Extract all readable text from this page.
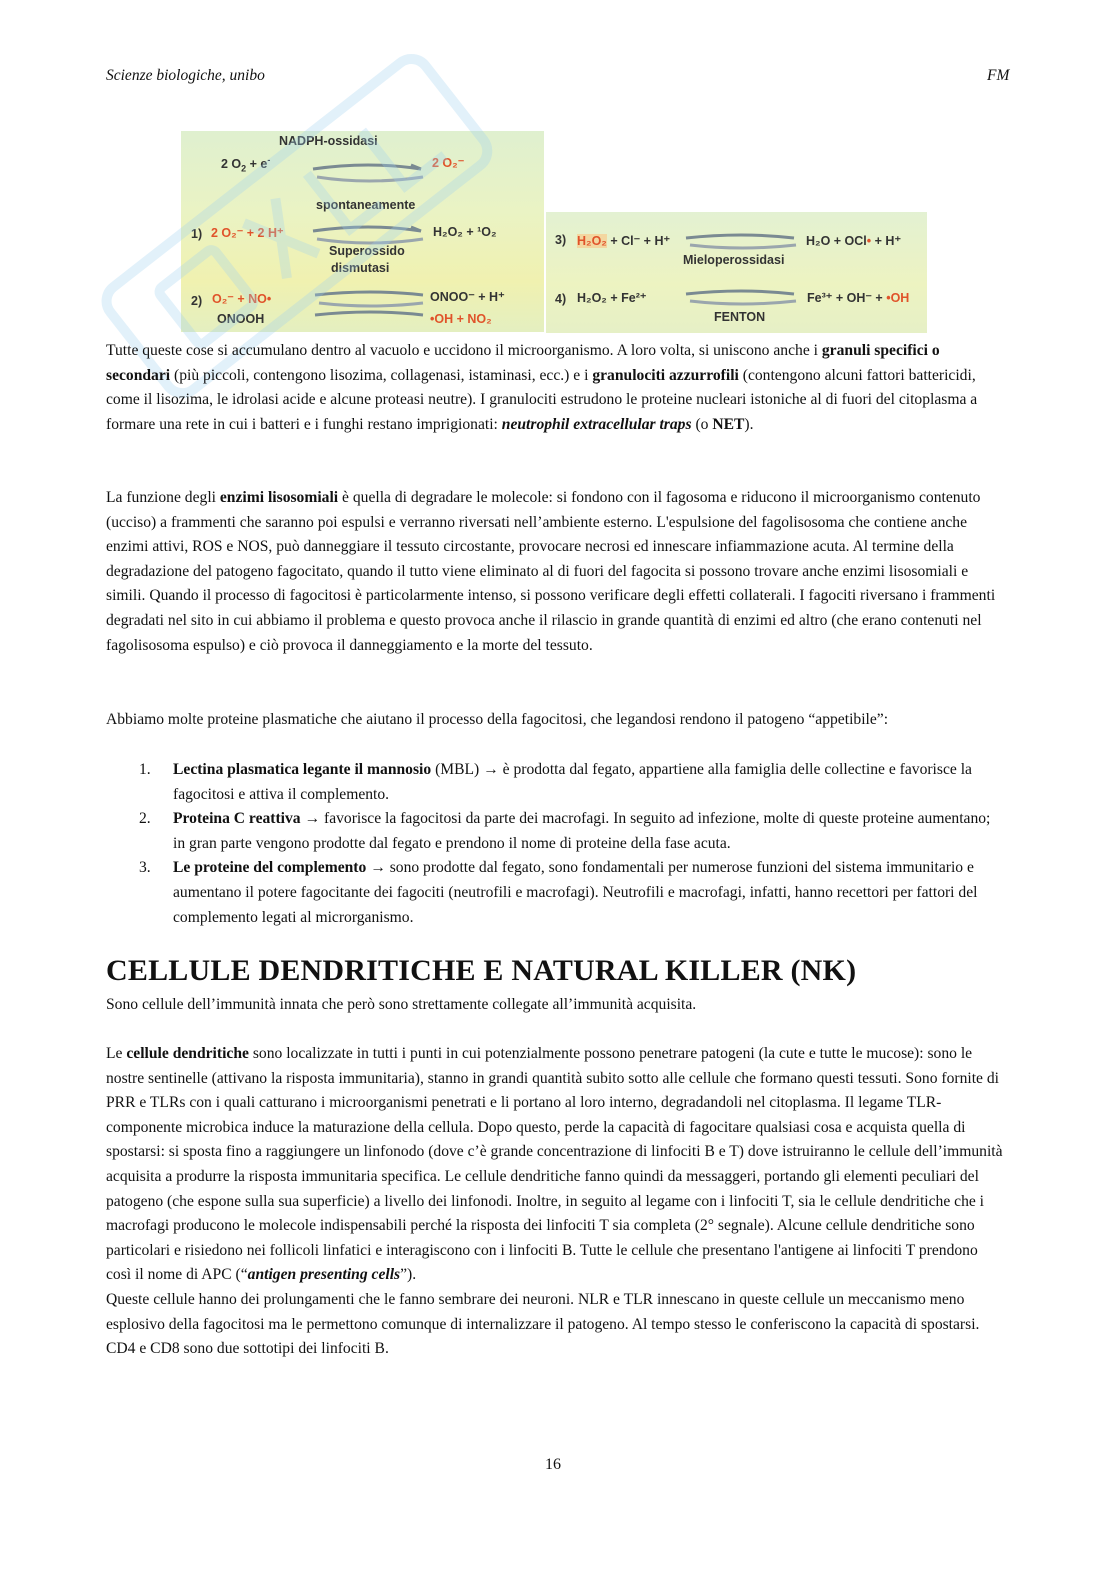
Scienze biologiche, unibo	FM
NADPH-ossidasi
2 $O_2 + e^-$	2 O₂⁻
spontaneamente
1) 2 O₂⁻ + 2 H⁺	H₂O₂ + ¹O₂
Superossido
dismutasi
2) O₂⁻ + NO•
ONOOH
ONOO⁻ + H⁺
•OH + NO₂
3) H₂O₂ + Cl⁻ + H⁺	H₂O + OCl• + H⁺
Mieloperossidasi
4) H₂O₂ + Fe²⁺	Fe³⁺ + OH⁻ + •OH
FENTON

Tutte queste cose si accumulano dentro al vacuolo e uccidono il microorganismo. A loro volta, si uniscono anche i granuli specifici o secondari (più piccoli, contengono lisozima, collagenasi, istaminasi, ecc.) e i granulociti azzurrofili (contengono alcuni fattori battericidi, come il lisozima, le idrolasi acide e alcune proteasi neutre). I granulociti estrudono le proteine nucleari istoniche al di fuori del citoplasma a formare una rete in cui i batteri e i funghi restano imprigionati: neutrophil extracellular traps (o NET).

La funzione degli enzimi lisosomiali è quella di degradare le molecole: si fondono con il fagosoma e riducono il microorganismo contenuto (ucciso) a frammenti che saranno poi espulsi e verranno riversati nell’ambiente esterno. L'espulsione del fagolisosoma che contiene anche enzimi attivi, ROS e NOS, può danneggiare il tessuto circostante, provocare necrosi ed innescare infiammazione acuta. Al termine della degradazione del patogeno fagocitato, quando il tutto viene eliminato al di fuori del fagocita si possono trovare anche enzimi lisosomiali e simili. Quando il processo di fagocitosi è particolarmente intenso, si possono verificare degli effetti collaterali. I fagociti riversano i frammenti degradati nel sito in cui abbiamo il problema e questo provoca anche il rilascio in grande quantità di enzimi ed altro (che erano contenuti nel fagolisosoma espulso) e ciò provoca il danneggiamento e la morte del tessuto.

Abbiamo molte proteine plasmatiche che aiutano il processo della fagocitosi, che legandosi rendono il patogeno “appetibile”:

1. Lectina plasmatica legante il mannosio (MBL) → è prodotta dal fegato, appartiene alla famiglia delle collectine e favorisce la fagocitosi e attiva il complemento.
2. Proteina C reattiva → favorisce la fagocitosi da parte dei macrofagi. In seguito ad infezione, molte di queste proteine aumentano; in gran parte vengono prodotte dal fegato e prendono il nome di proteine della fase acuta.
3. Le proteine del complemento → sono prodotte dal fegato, sono fondamentali per numerose funzioni del sistema immunitario e aumentano il potere fagocitante dei fagociti (neutrofili e macrofagi). Neutrofili e macrofagi, infatti, hanno recettori per fattori del complemento legati al microrganismo.
CELLULE DENDRITICHE E NATURAL KILLER (NK)

Sono cellule dell’immunità innata che però sono strettamente collegate all’immunità acquisita.

Le cellule dendritiche sono localizzate in tutti i punti in cui potenzialmente possono penetrare patogeni (la cute e tutte le mucose): sono le nostre sentinelle (attivano la risposta immunitaria), stanno in grandi quantità subito sotto alle cellule che formano questi tessuti. Sono fornite di PRR e TLRs con i quali catturano i microorganismi penetrati e li portano al loro interno, degradandoli nel citoplasma. Il legame TLR-componente microbica induce la maturazione della cellula. Dopo questo, perde la capacità di fagocitare qualsiasi cosa e acquista quella di spostarsi: si sposta fino a raggiungere un linfonodo (dove c’è grande concentrazione di linfociti B e T) dove istruiranno le cellule dell’immunità acquisita a produrre la risposta immunitaria specifica. Le cellule dendritiche fanno quindi da messaggeri, portando gli elementi peculiari del patogeno (che espone sulla sua superficie) a livello dei linfonodi. Inoltre, in seguito al legame con i linfociti T, sia le cellule dendritiche che i macrofagi producono le molecole indispensabili perché la risposta dei linfociti T sia completa (2° segnale). Alcune cellule dendritiche sono particolari e risiedono nei follicoli linfatici e interagiscono con i linfociti B. Tutte le cellule che presentano l'antigene ai linfociti T prendono così il nome di APC (“antigen presenting cells”).

Queste cellule hanno dei prolungamenti che le fanno sembrare dei neuroni. NLR e TLR innescano in queste cellule un meccanismo meno esplosivo della fagocitosi ma le permettono comunque di internalizzare il patogeno. Al tempo stesso le conferiscono la capacità di spostarsi. CD4 e CD8 sono due sottotipi dei linfociti B.

16
